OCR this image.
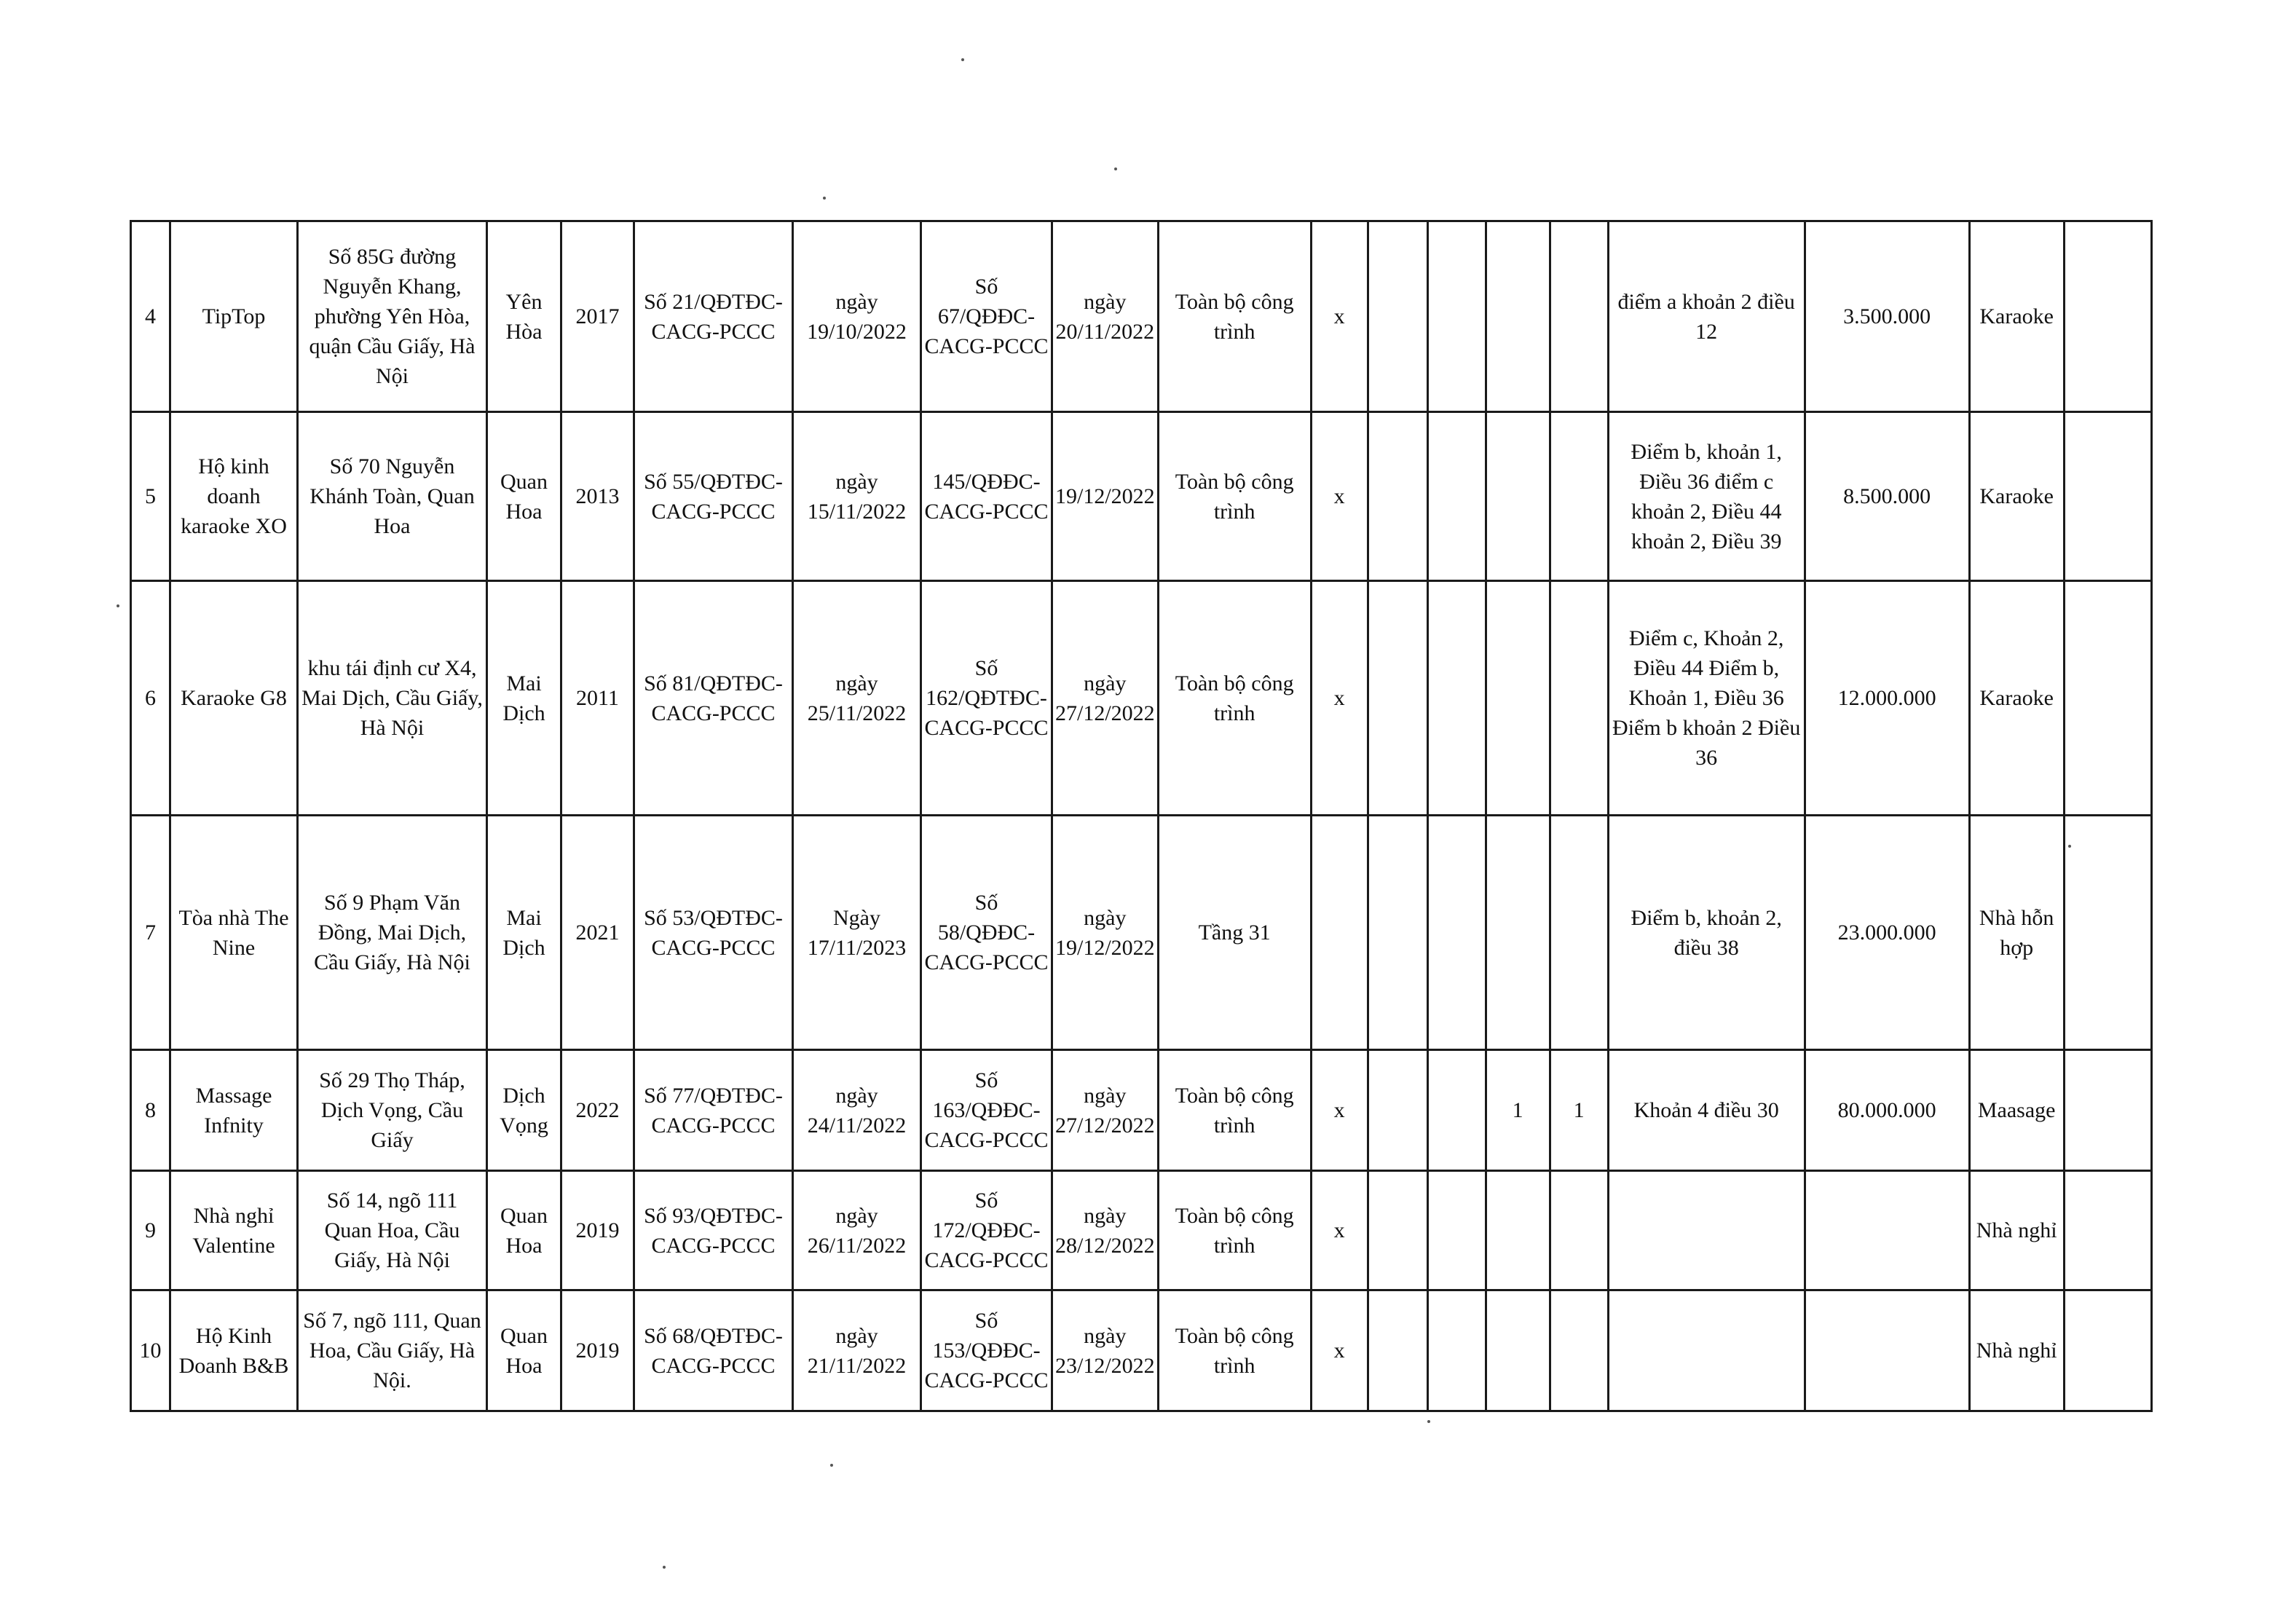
4	TipTop	Số 85G đường Nguyễn Khang, phường Yên Hòa, quận Cầu Giấy, Hà Nội	Yên Hòa	2017	Số 21/QĐTĐC-CACG-PCCC	ngày 19/10/2022	Số 67/QĐĐC-CACG-PCCC	ngày 20/11/2022	Toàn bộ công trình	x					điểm a khoản 2 điều 12	3.500.000	Karaoke	
5	Hộ kinh doanh karaoke XO	Số 70 Nguyễn Khánh Toàn, Quan Hoa	Quan Hoa	2013	Số 55/QĐTĐC-CACG-PCCC	ngày 15/11/2022	145/QĐĐC-CACG-PCCC	19/12/2022	Toàn bộ công trình	x					Điểm b, khoản 1, Điều 36 điểm c khoản 2, Điều 44 khoản 2, Điều 39	8.500.000	Karaoke	
6	Karaoke G8	khu tái định cư X4, Mai Dịch, Cầu Giấy, Hà Nội	Mai Dịch	2011	Số 81/QĐTĐC-CACG-PCCC	ngày 25/11/2022	Số 162/QĐTĐC-CACG-PCCC	ngày 27/12/2022	Toàn bộ công trình	x					Điểm c, Khoản 2, Điều 44 Điểm b, Khoản 1, Điều 36 Điểm b khoản 2 Điều 36	12.000.000	Karaoke	
7	Tòa nhà The Nine	Số 9 Phạm Văn Đồng, Mai Dịch, Cầu Giấy, Hà Nội	Mai Dịch	2021	Số 53/QĐTĐC-CACG-PCCC	Ngày 17/11/2023	Số 58/QĐĐC-CACG-PCCC	ngày 19/12/2022	Tầng 31						Điểm b, khoản 2, điều 38	23.000.000	Nhà hỗn hợp	
8	Massage Infnity	Số 29 Thọ Tháp, Dịch Vọng, Cầu Giấy	Dịch Vọng	2022	Số 77/QĐTĐC-CACG-PCCC	ngày 24/11/2022	Số 163/QĐĐC-CACG-PCCC	ngày 27/12/2022	Toàn bộ công trình	x			1	1	Khoản 4 điều 30	80.000.000	Maasage	
9	Nhà nghỉ Valentine	Số 14, ngõ 111 Quan Hoa, Cầu Giấy, Hà Nội	Quan Hoa	2019	Số 93/QĐTĐC-CACG-PCCC	ngày 26/11/2022	Số 172/QĐĐC-CACG-PCCC	ngày 28/12/2022	Toàn bộ công trình	x							Nhà nghỉ	
10	Hộ Kinh Doanh B&B	Số 7, ngõ 111, Quan Hoa, Cầu Giấy, Hà Nội.	Quan Hoa	2019	Số 68/QĐTĐC-CACG-PCCC	ngày 21/11/2022	Số 153/QĐĐC-CACG-PCCC	ngày 23/12/2022	Toàn bộ công trình	x							Nhà nghỉ	
